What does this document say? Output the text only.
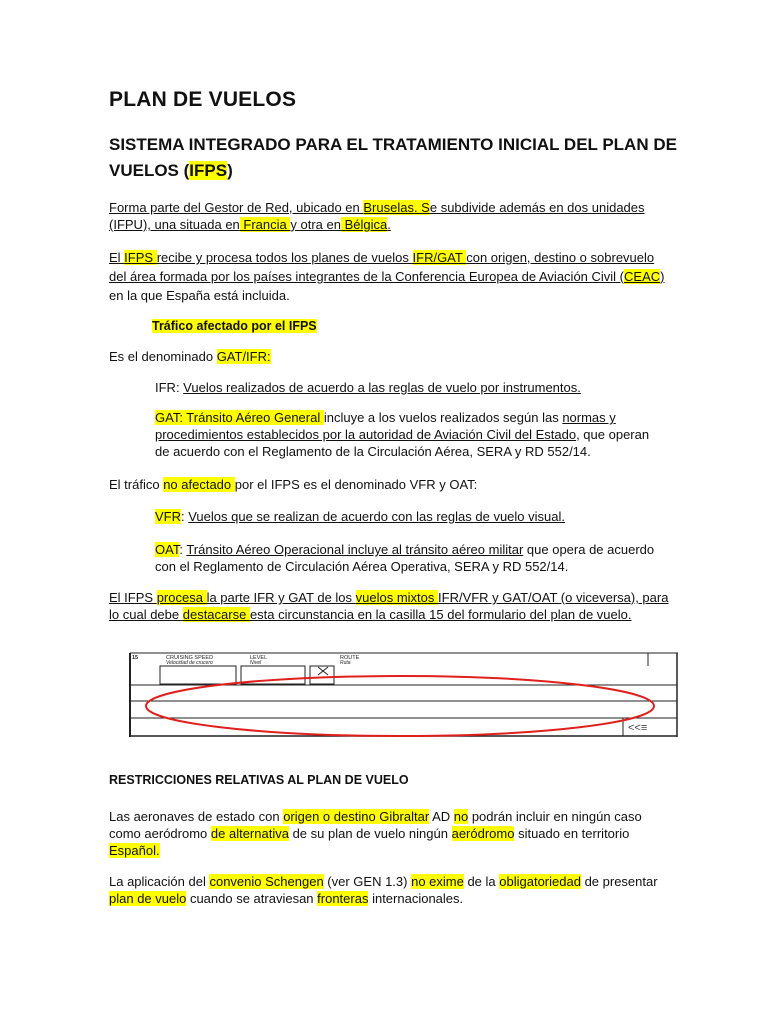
PLAN DE VUELOS
SISTEMA INTEGRADO PARA EL TRATAMIENTO INICIAL DEL PLAN DE VUELOS (IFPS)
Forma parte del Gestor de Red, ubicado en Bruselas. Se subdivide además en dos unidades (IFPU), una situada en Francia y otra en Bélgica.
El IFPS recibe y procesa todos los planes de vuelos IFR/GAT con origen, destino o sobrevuelo del área formada por los países integrantes de la Conferencia Europea de Aviación Civil (CEAC) en la que España está incluida.
Tráfico afectado por el IFPS
Es el denominado GAT/IFR:
IFR: Vuelos realizados de acuerdo a las reglas de vuelo por instrumentos.
GAT: Tránsito Aéreo General incluye a los vuelos realizados según las normas y procedimientos establecidos por la autoridad de Aviación Civil del Estado, que operan de acuerdo con el Reglamento de la Circulación Aérea, SERA y RD 552/14.
El tráfico no afectado por el IFPS es el denominado VFR y OAT:
VFR: Vuelos que se realizan de acuerdo con las reglas de vuelo visual.
OAT: Tránsito Aéreo Operacional incluye al tránsito aéreo militar que opera de acuerdo con el Reglamento de Circulación Aérea Operativa, SERA y RD 552/14.
El IFPS procesa la parte IFR y GAT de los vuelos mixtos IFR/VFR y GAT/OAT (o viceversa), para lo cual debe destacarse esta circunstancia en la casilla 15 del formulario del plan de vuelo.
15	CRUISING SPEED
Velocidad de crucero
LEVEL
Nivel
ROUTE
Ruta
<<≡
RESTRICCIONES RELATIVAS AL PLAN DE VUELO
Las aeronaves de estado con origen o destino Gibraltar AD no podrán incluir en ningún caso como aeródromo de alternativa de su plan de vuelo ningún aeródromo situado en territorio Español.
La aplicación del convenio Schengen (ver GEN 1.3) no exime de la obligatoriedad de presentar plan de vuelo cuando se atraviesan fronteras internacionales.
